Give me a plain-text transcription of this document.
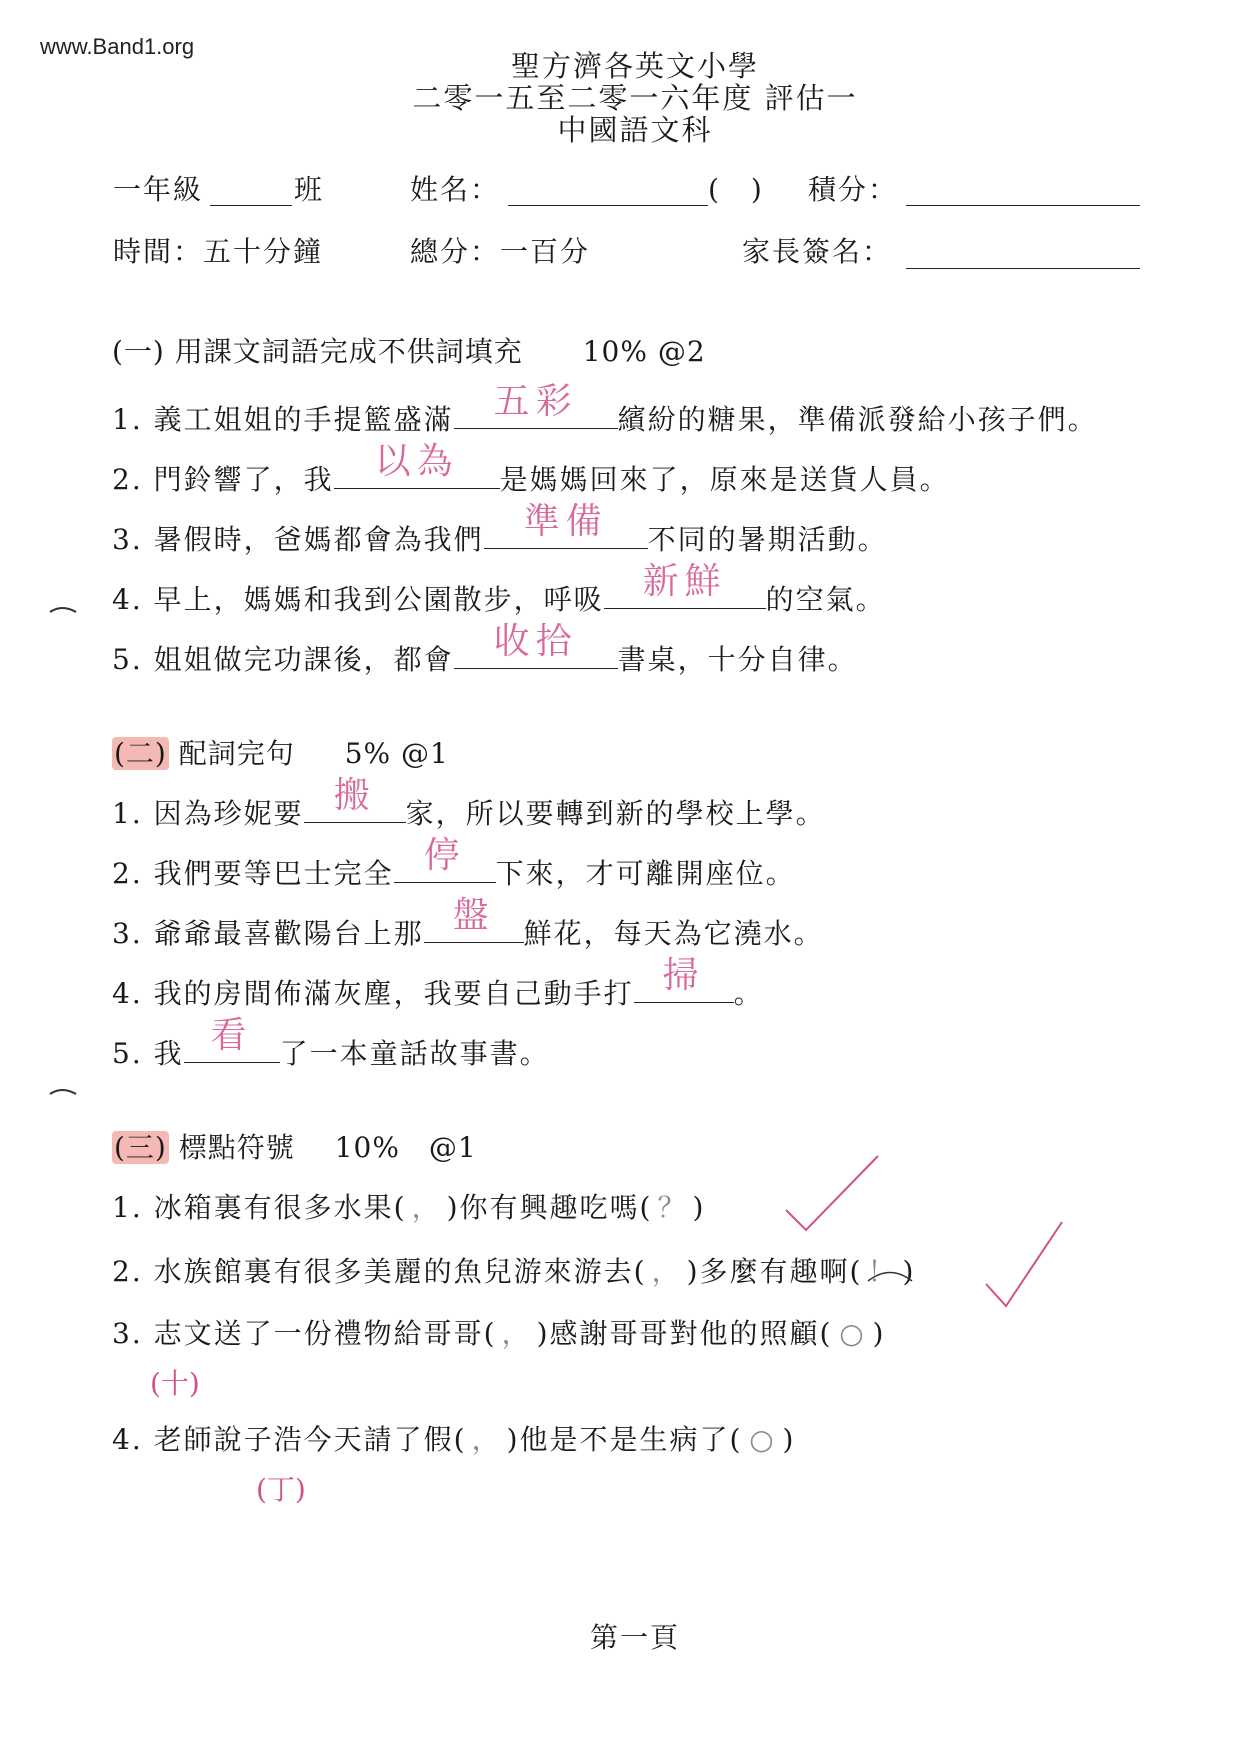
www.Band1.org
聖方濟各英文小學
二零一五至二零一六年度 評估一
中國語文科
一年級	班	姓名：	(　) 積分：
時間：五十分鐘	總分：一百分	家長簽名：
(一) 用課文詞語完成不供詞填充 10% @2
1. 義工姐姐的手提籃盛滿	五彩	繽紛的糖果，準備派發給小孩子們。
2. 門鈴響了，我	以為	是媽媽回來了，原來是送貨人員。
3. 暑假時，爸媽都會為我們	準備	不同的暑期活動。
4. 早上，媽媽和我到公園散步，呼吸	新鮮	的空氣。
5. 姐姐做完功課後，都會	收拾	書桌，十分自律。
(二) 配詞完句 5% @1
1. 因為珍妮要 搬	家，所以要轉到新的學校上學。
2. 我們要等巴士完全 停	下來，才可離開座位。
3. 爺爺最喜歡陽台上那 盤	鮮花，每天為它澆水。
4. 我的房間佈滿灰塵，我要自己動手打 掃	。
5. 我 看 了一本童話故事書。
(三) 標點符號 10%　@1
1. 冰箱裏有很多水果( ， )你有興趣吃嗎( ？ )
2. 水族館裏有很多美麗的魚兒游來游去( ， )多麼有趣啊( ！ )
3. 志文送了一份禮物給哥哥( ， )感謝哥哥對他的照顧( ○ )
(十)
4. 老師說子浩今天請了假( ， )他是不是生病了( ○ )
(丁)
第一頁
